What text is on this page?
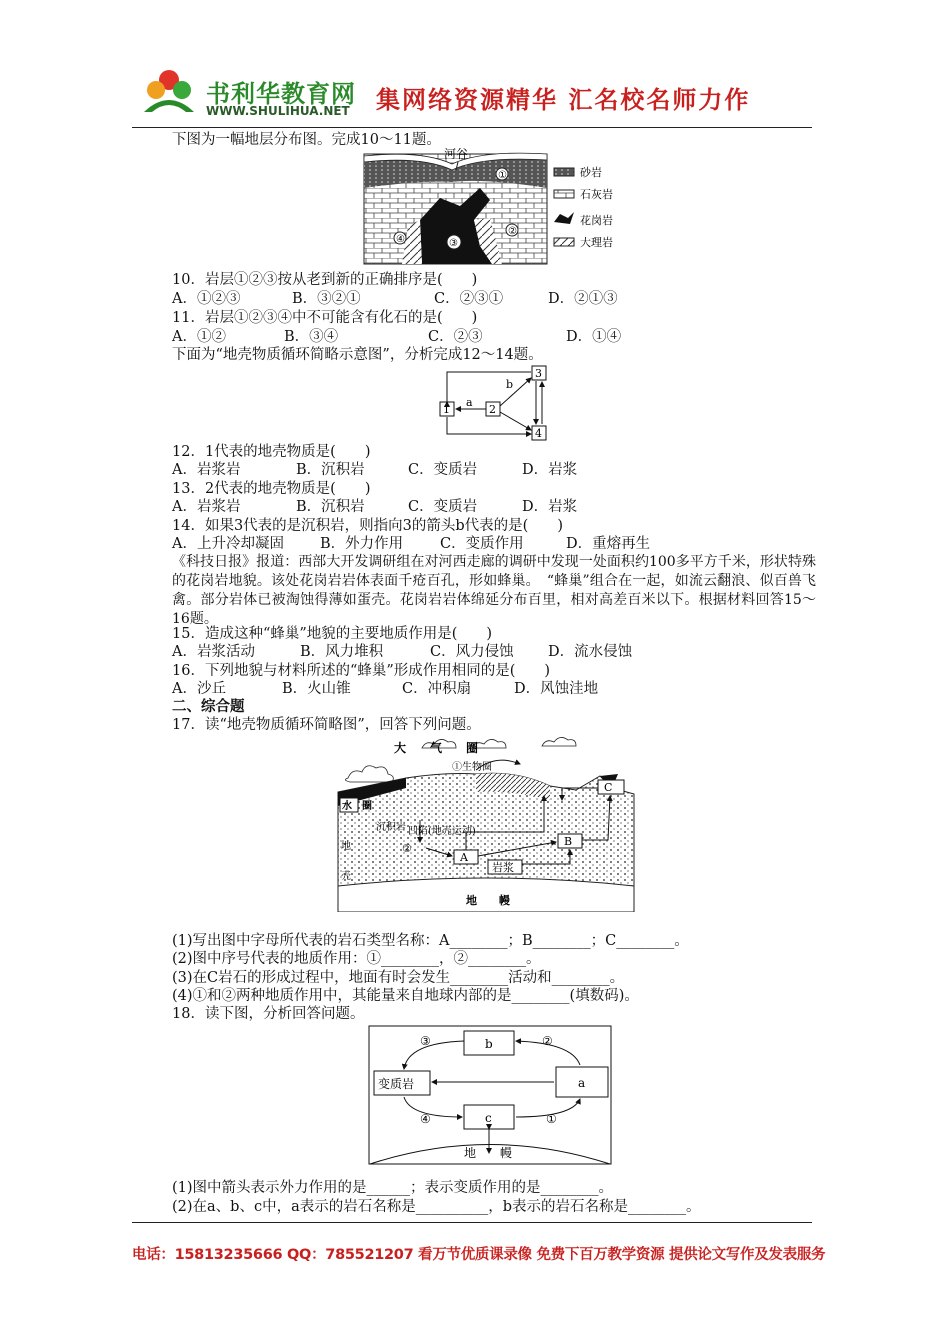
书利华教育网
WWW.SHULIHUA.NET 集网络资源精华 汇名校名师力作
下图为一幅地层分布图。完成10～11题。
河谷
①
②
③
④
砂岩
石灰岩
花岗岩
大理岩
10．岩层①②③按从老到新的正确排序是(　　)
A．①②③	B．③②①	C．②③①	D．②①③
11．岩层①②③④中不可能含有化石的是(　　)
A．①②	B．③④	C．②③	D．①④
下面为“地壳物质循环简略示意图”，分析完成12～14题。
1	2
3
4
a
b
12．1代表的地壳物质是(　　)
A．岩浆岩	B．沉积岩	C．变质岩	D．岩浆
13．2代表的地壳物质是(　　)
A．岩浆岩	B．沉积岩	C．变质岩	D．岩浆
14．如果3代表的是沉积岩，则指向3的箭头b代表的是(　　)
A．上升冷却凝固 B．外力作用	C．变质作用	D．重熔再生
《科技日报》报道：西部大开发调研组在对河西走廊的调研中发现一处面积约100多平方千米，形状特殊的花岗岩地貌。该处花岗岩岩体表面千疮百孔，形如蜂巢。　“蜂巢”组合在一起，如流云翻浪、似百兽飞禽。部分岩体已被淘蚀得薄如蛋壳。花岗岩岩体绵延分布百里，相对高差百米以下。根据材料回答15～16题。
15．造成这种“蜂巢”地貌的主要地质作用是(　　)
A．岩浆活动	B．风力堆积	C．风力侵蚀 D．流水侵蚀
16．下列地貌与材料所述的“蜂巢”形成作用相同的是(　　)
A．沙丘	B．火山锥	C．冲积扇	D．风蚀洼地
二、综合题
17．读“地壳物质循环简略图”，回答下列问题。
大　　气　　圈
①生物圈
水　圈
凹陷(地壳运动)
沉积岩
地　　壳	A
B
C
岩浆
②
地　　幔
(1)写出图中字母所代表的岩石类型名称：A________；B________；C________。
(2)图中序号代表的地质作用：①________，②________。
(3)在C岩石的形成过程中，地面有时会发生________活动和________。
(4)①和②两种地质作用中，其能量来自地球内部的是________(填数码)。
18．读下图，分析回答问题。
b
变质岩	a
c
③	②
④	①
地　　幔
(1)图中箭头表示外力作用的是______；表示变质作用的是________。
(2)在a、b、c中，a表示的岩石名称是__________，b表示的岩石名称是________。
电话：15813235666 QQ：785521207 看万节优质课录像 免费下百万教学资源 提供论文写作及发表服务
